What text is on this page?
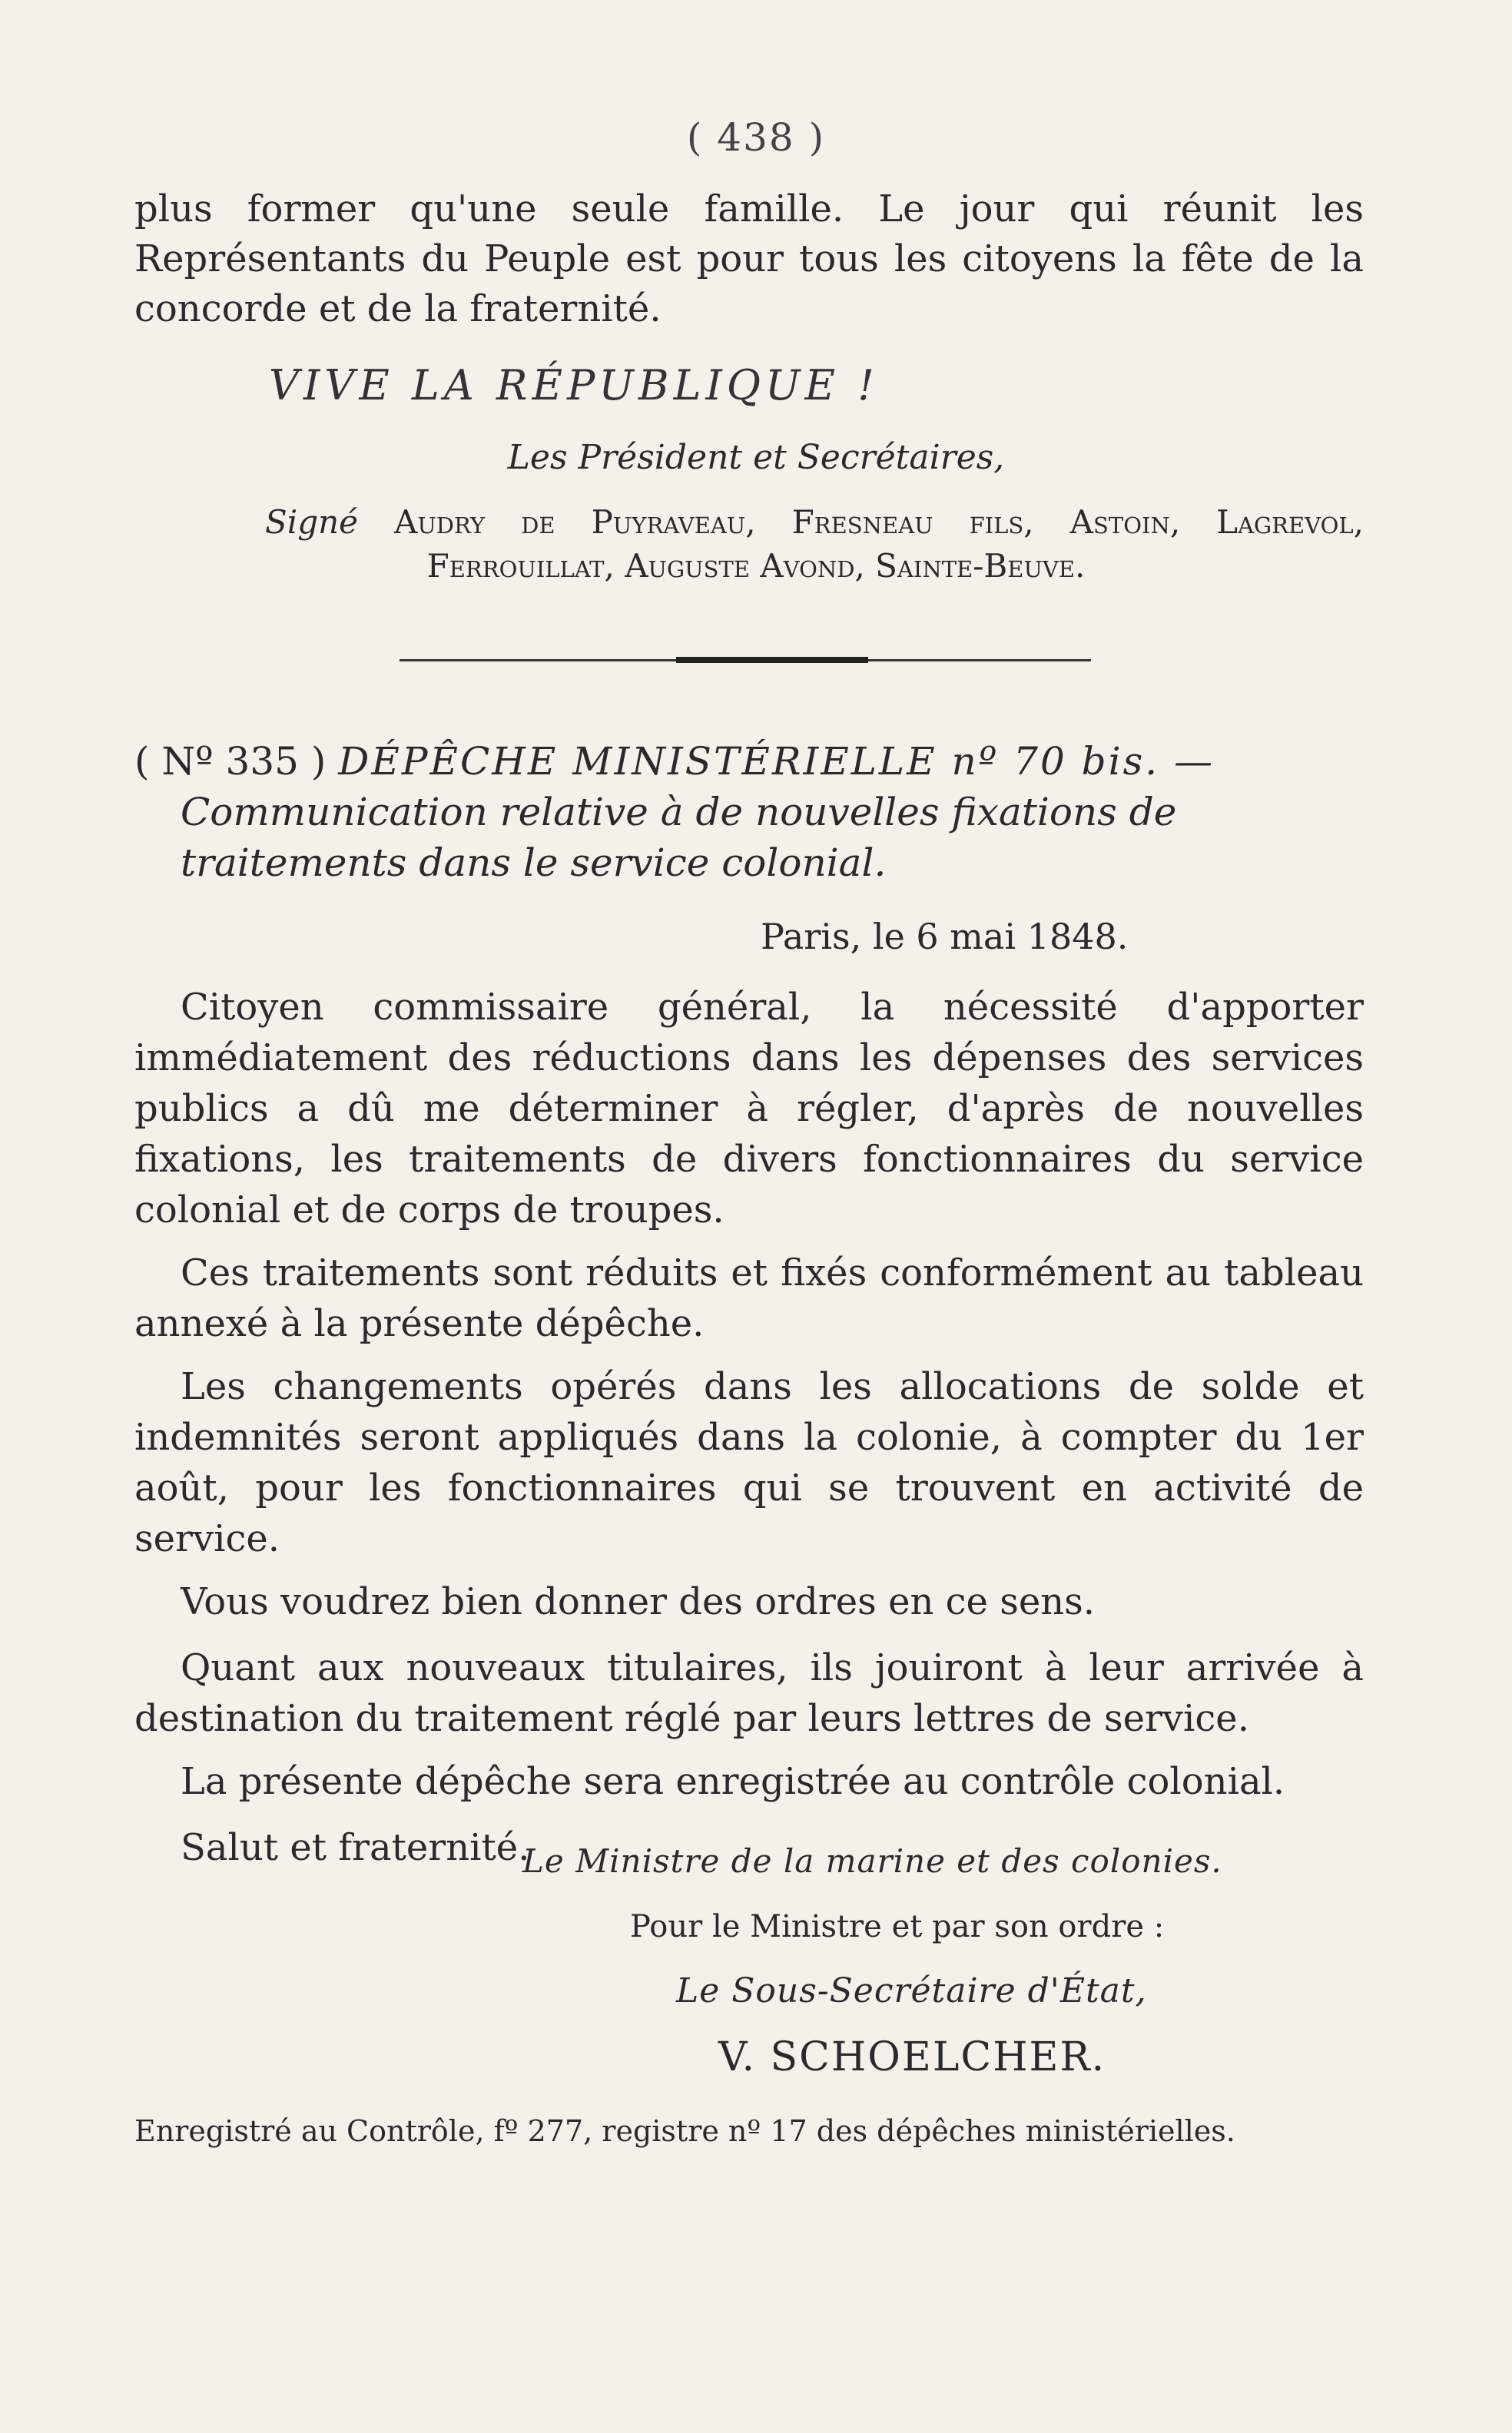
( 438 )

plus former qu'une seule famille. Le jour qui réunit les Représentants du Peuple est pour tous les citoyens la fête de la concorde et de la fraternité.

VIVE LA RÉPUBLIQUE !
Les Président et Secrétaires,
Signé Audry de Puyraveau, Fresneau fils, Astoin, Lagrevol,
Ferrouillat, Auguste Avond, Sainte-Beuve.
( Nº 335 ) DÉPÊCHE MINISTÉRIELLE nº 70 bis. —
Communication relative à de nouvelles fixations de traitements dans le service colonial.
Paris, le 6 mai 1848.

Citoyen commissaire général, la nécessité d'apporter immédiatement des réductions dans les dépenses des services publics a dû me déterminer à régler, d'après de nouvelles fixations, les traitements de divers fonctionnaires du service colonial et de corps de troupes.

Ces traitements sont réduits et fixés conformément au tableau annexé à la présente dépêche.

Les changements opérés dans les allocations de solde et indemnités seront appliqués dans la colonie, à compter du 1er août, pour les fonctionnaires qui se trouvent en activité de service.

Vous voudrez bien donner des ordres en ce sens.

Quant aux nouveaux titulaires, ils jouiront à leur arrivée à destination du traitement réglé par leurs lettres de service.

La présente dépêche sera enregistrée au contrôle colonial.

Salut et fraternité.

Le Ministre de la marine et des colonies.
Pour le Ministre et par son ordre :
Le Sous-Secrétaire d'État,
V. SCHOELCHER.
Enregistré au Contrôle, fº 277, registre nº 17 des dépêches ministérielles.
